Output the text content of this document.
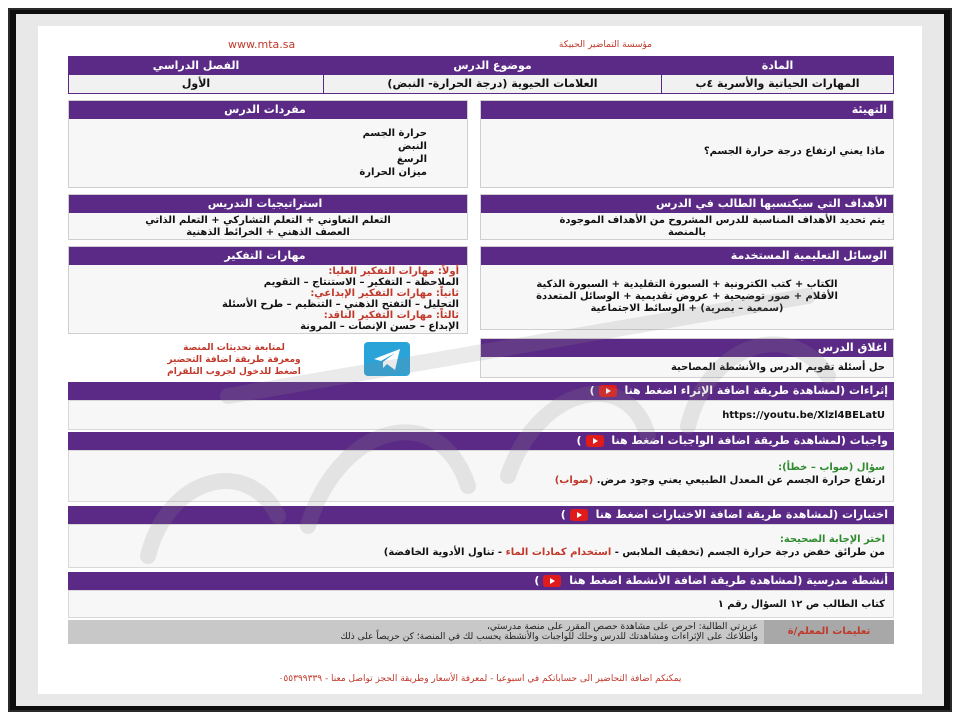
مؤسسة التماضير الحبيكة
www.mta.sa
المادة
المهارات الحياتية والأسرية ٤ب
موضوع الدرس
العلامات الحيوية (درجة الحرارة- النبض)
الفصل الدراسي
الأول
التهيئة
ماذا يعني ارتفاع درجة حرارة الجسم؟
مفردات الدرس
حرارة الجسم
النبض
الرسغ
ميزان الحرارة
الأهداف التي سيكتسبها الطالب في الدرس
يتم تحديد الأهداف المناسبة للدرس المشروح من الأهداف الموجودة
بالمنصة
استراتيجيات التدريس
التعلم التعاوني + التعلم التشاركي + التعلم الذاتي
العصف الذهني + الخرائط الذهنية
الوسائل التعليمية المستخدمة
الكتاب + كتب الكترونية + السبورة التقليدية + السبورة الذكية
الأقلام + صور توضيحية + عروض تقديمية + الوسائل المتعددة
(سمعية – بصرية) + الوسائط الاجتماعية
مهارات التفكير
أولاً: مهارات التفكير العليا:
الملاحظة – التفكير – الاستنتاج – التقويم
ثانياً: مهارات التفكير الإبداعي:
التحليل – التفتح الذهني – التنظيم – طرح الأسئلة
ثالثاً: مهارات التفكير الناقد:
الإبداع – حسن الإنصات – المرونة
اغلاق الدرس
حل أسئلة تقويم الدرس والأنشطة المصاحبة
لمتابعة تحديثات المنصة
ومعرفة طريقة اضافة التحضير
اضغط للدخول لجروب التلقرام
إثراءات (لمشاهدة طريقة اضافة الإثراء اضغط هنا )
https://youtu.be/Xlzl4BELatU
واجبات (لمشاهدة طريقة اضافة الواجبات اضغط هنا )
سؤال (صواب – خطأ):
ارتفاع حرارة الجسم عن المعدل الطبيعي يعني وجود مرض. (صواب)
اختبارات (لمشاهدة طريقة اضافة الاختبارات اضغط هنا )
اختر الإجابة الصحيحة:
من طرائق خفض درجة حرارة الجسم (تخفيف الملابس - استخدام كمادات الماء - تناول الأدوية الخافضة)
أنشطة مدرسية (لمشاهدة طريقة اضافة الأنشطة اضغط هنا )
كتاب الطالب ص ١٢ السؤال رقم ١
تعليمات المعلم/ة
عزيزتي الطالبة: احرص على مشاهدة حصص المقرر على منصة مدرستي،
واطلاعك على الإثراءات ومشاهدتك للدرس وحلك للواجبات والأنشطة يحسب لك في المنصة؛ كن حريصاً على ذلك
يمكنكم اضافة التحاضير الى حساباتكم في اسبوعيا - لمعرفة الأسعار وطريقة الحجز تواصل معنا - ٠٥٥٣٩٩٣٣٩
